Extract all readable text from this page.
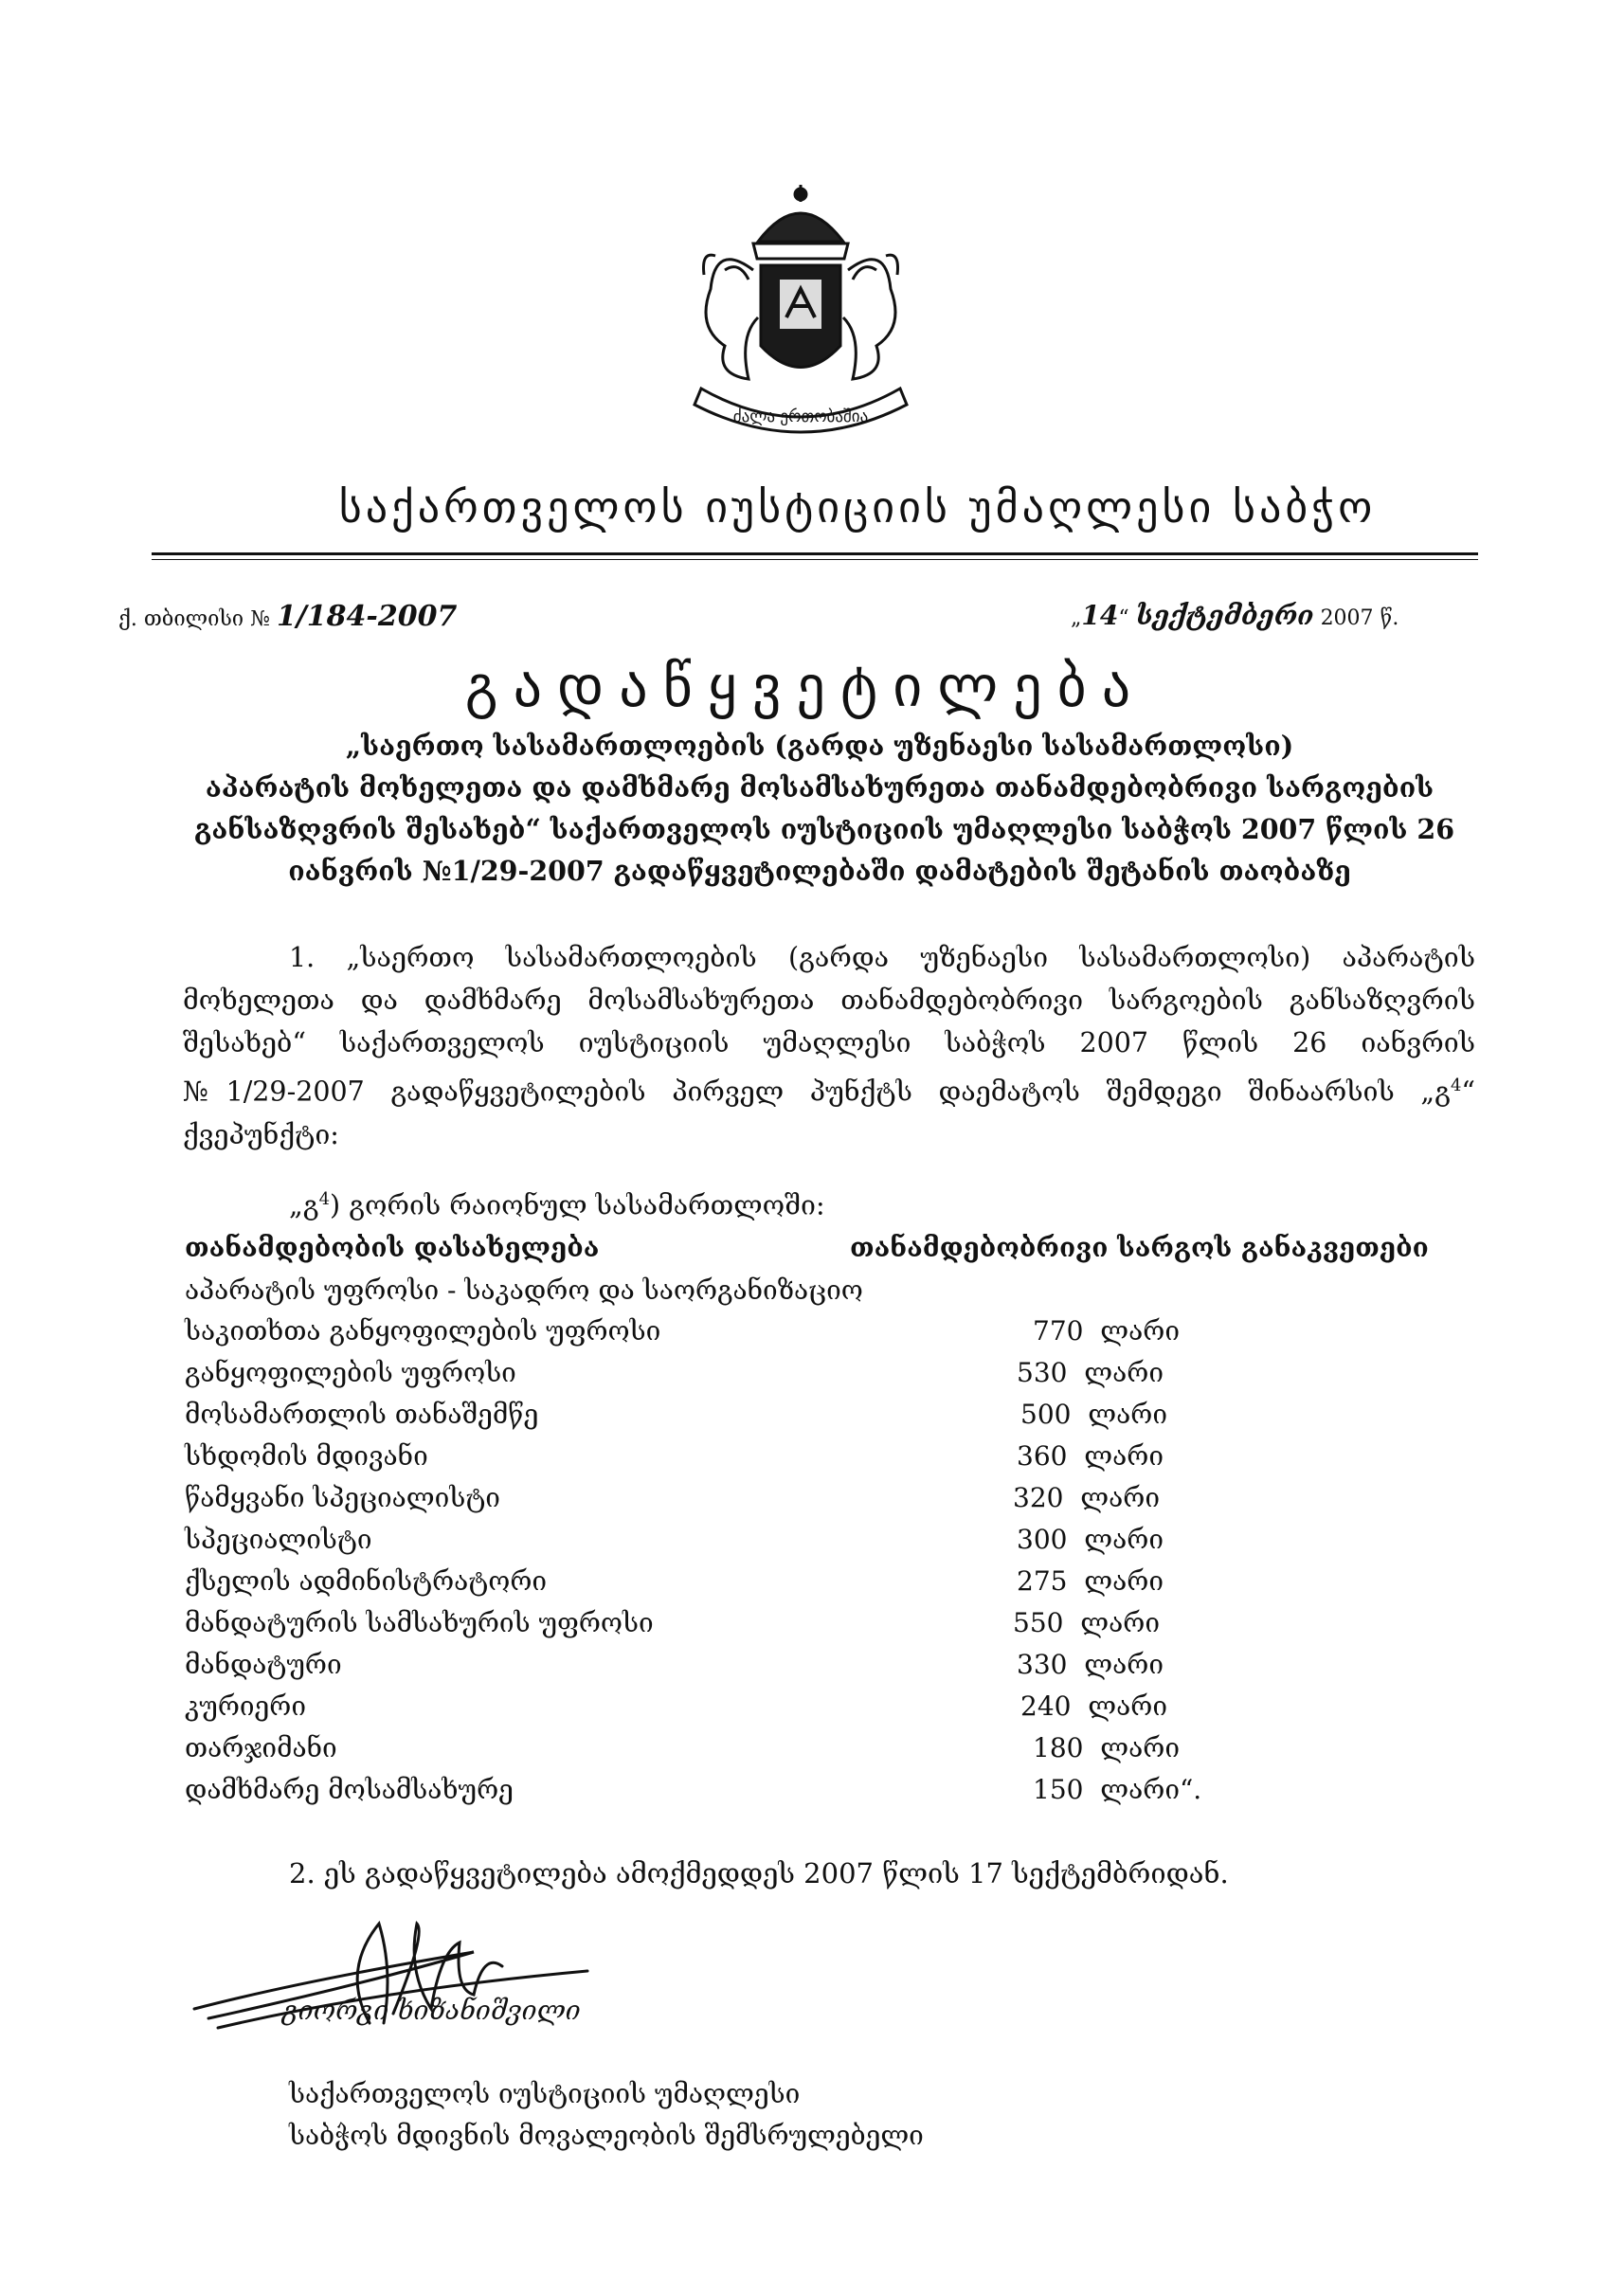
ძალა ერთობაშია
საქართველოს იუსტიციის უმაღლესი საბჭო
ქ. თბილისი № 1/184-2007	„14“ სექტემბერი 2007 წ.
გადაწყვეტილება
„საერთო სასამართლოების (გარდა უზენაესი სასამართლოსი)
აპარატის მოხელეთა და დამხმარე მოსამსახურეთა თანამდებობრივი სარგოების
განსაზღვრის შესახებ“ საქართველოს იუსტიციის უმაღლესი საბჭოს 2007 წლის 26
იანვრის №1/29-2007 გადაწყვეტილებაში დამატების შეტანის თაობაზე
1. „საერთო სასამართლოების (გარდა უზენაესი სასამართლოსი) აპარატის
მოხელეთა და დამხმარე მოსამსახურეთა თანამდებობრივი სარგოების განსაზღვრის
შესახებ“ საქართველოს იუსტიციის უმაღლესი საბჭოს 2007 წლის 26 იანვრის
№1/29-2007 გადაწყვეტილების პირველ პუნქტს დაემატოს შემდეგი შინაარსის „გ$^4$“
ქვეპუნქტი:
„გ$^4$) გორის რაიონულ სასამართლოში:
თანამდებობის დასახელება	თანამდებობრივი სარგოს განაკვეთები
აპარატის უფროსი - საკადრო და საორგანიზაციო
საკითხთა განყოფილების უფროსი	770 ლარი
განყოფილების უფროსი	530 ლარი
მოსამართლის თანაშემწე	500 ლარი
სხდომის მდივანი	360 ლარი
წამყვანი სპეციალისტი	320 ლარი
სპეციალისტი	300 ლარი
ქსელის ადმინისტრატორი	275 ლარი
მანდატურის სამსახურის უფროსი	550 ლარი
მანდატური	330 ლარი
კურიერი	240 ლარი
თარჯიმანი	180 ლარი
დამხმარე მოსამსახურე	150 ლარი“.
2. ეს გადაწყვეტილება ამოქმედდეს 2007 წლის 17 სექტემბრიდან.
გიორგი ხიზანიშვილი
საქართველოს იუსტიციის უმაღლესი
საბჭოს მდივნის მოვალეობის შემსრულებელი
